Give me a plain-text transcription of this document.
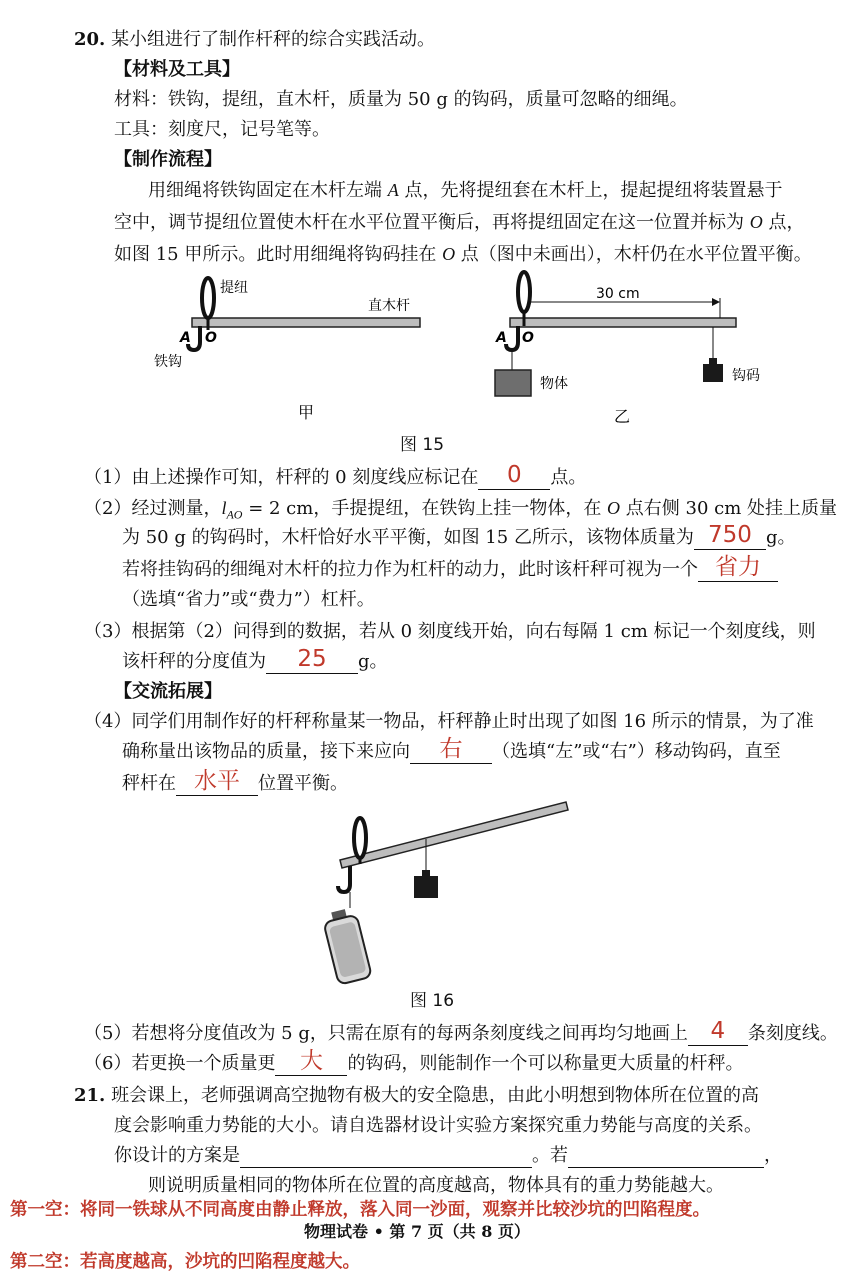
20. 某小组进行了制作杆秤的综合实践活动。
【材料及工具】
材料：铁钩，提纽，直木杆，质量为 50 g 的钩码，质量可忽略的细绳。
工具：刻度尺，记号笔等。
【制作流程】
用细绳将铁钩固定在木杆左端 A 点，先将提纽套在木杆上，提起提纽将装置悬于
空中，调节提纽位置使木杆在水平位置平衡后，再将提纽固定在这一位置并标为 O 点，
如图 15 甲所示。此时用细绳将钩码挂在 O 点（图中未画出），木杆仍在水平位置平衡。
提纽
直木杆
A O
铁钩
甲
30 cm
A O
物体	钩码
乙
图 15
（1）由上述操作可知，杆秤的 0 刻度线应标记在	0	点。
（2）经过测量，$l_{AO} = 2$ cm，手提提纽，在铁钩上挂一物体，在 O 点右侧 30 cm 处挂上质量
为 50 g 的钩码时，木杆恰好水平平衡，如图 15 乙所示，该物体质量为 750 g。
若将挂钩码的细绳对木杆的拉力作为杠杆的动力，此时该杆秤可视为一个 省力
（选填“省力”或“费力”）杠杆。
（3）根据第（2）问得到的数据，若从 0 刻度线开始，向右每隔 1 cm 标记一个刻度线，则
该杆秤的分度值为	25	g。
【交流拓展】
（4）同学们用制作好的杆秤称量某一物品，杆秤静止时出现了如图 16 所示的情景，为了准
确称量出该物品的质量，接下来应向	右	（选填“左”或“右”）移动钩码，直至
秤杆在 水平	位置平衡。
图 16
（5）若想将分度值改为 5 g，只需在原有的每两条刻度线之间再均匀地画上 4	条刻度线。
（6）若更换一个质量更	大	的钩码，则能制作一个可以称量更大质量的杆秤。
21. 班会课上，老师强调高空抛物有极大的安全隐患，由此小明想到物体所在位置的高
度会影响重力势能的大小。请自选器材设计实验方案探究重力势能与高度的关系。
你设计的方案是	。若	，
则说明质量相同的物体所在位置的高度越高，物体具有的重力势能越大。
第一空：将同一铁球从不同高度由静止释放，落入同一沙面，观察并比较沙坑的凹陷程度。
物理试卷 • 第 7 页（共 8 页）
第二空：若高度越高，沙坑的凹陷程度越大。
